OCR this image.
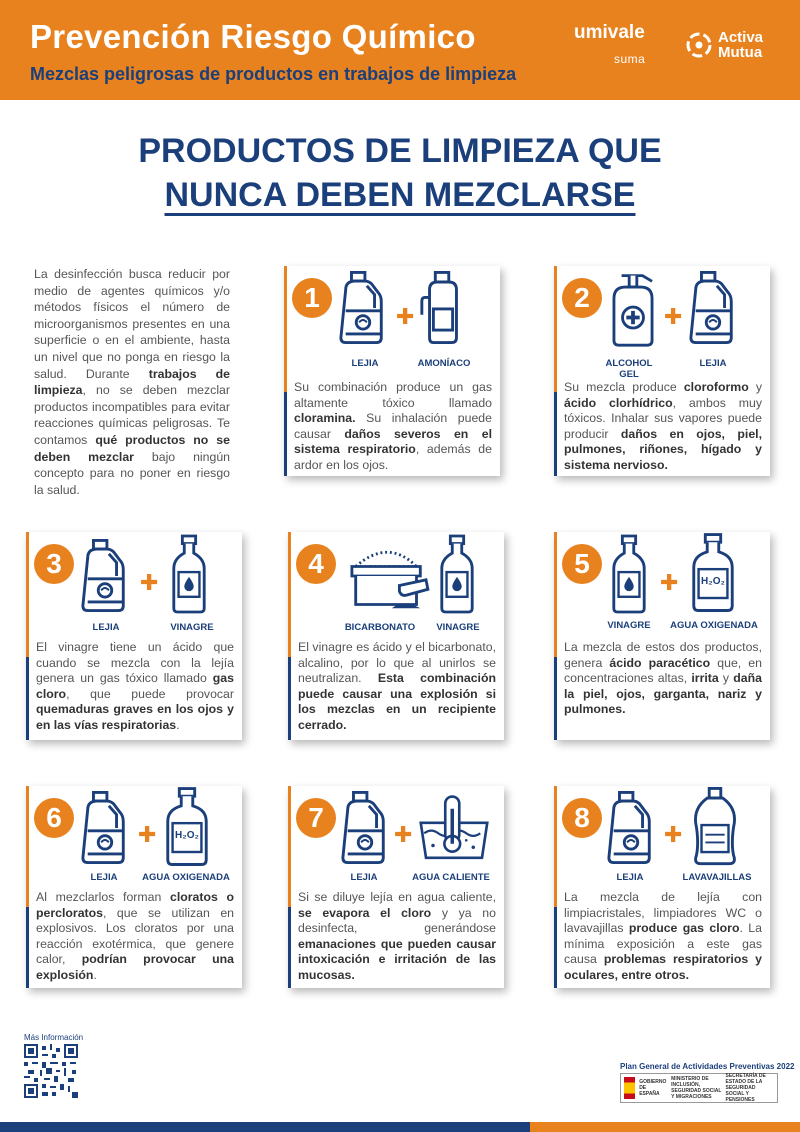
Prevención Riesgo Químico
Mezclas peligrosas de productos en trabajos de limpieza
umivale
suma
Activa
Mutua
PRODUCTOS DE LIMPIEZA QUE
NUNCA DEBEN MEZCLARSE
La desinfección busca reducir por medio de agentes químicos y/o métodos físicos el número de microorganismos presentes en una superficie o en el ambiente, hasta un nivel que no ponga en riesgo la salud. Durante trabajos de limpieza, no se deben mezclar productos incompatibles para evitar reacciones químicas peligrosas. Te contamos qué productos no se deben mezclar bajo ningún concepto para no poner en riesgo la salud.
1
✚
LEJIA	AMONÍACO
Su combinación produce un gas altamente tóxico llamado cloramina. Su inhalación puede causar daños severos en el sistema respiratorio, además de ardor en los ojos.
2
✚
ALCOHOL GEL
LEJIA
Su mezcla produce cloroformo y ácido clorhídrico, ambos muy tóxicos. Inhalar sus vapores puede producir daños en ojos, piel, pulmones, riñones, hígado y sistema nervioso.
3
✚
LEJIA	VINAGRE
El vinagre tiene un ácido que cuando se mezcla con la lejía genera un gas tóxico llamado gas cloro, que puede provocar quemaduras graves en los ojos y en las vías respiratorias.
4
BICARBONATO	VINAGRE
El vinagre es ácido y el bicarbonato, alcalino, por lo que al unirlos se neutralizan. Esta combinación puede causar una explosión si los mezclas en un recipiente cerrado.
5
✚	H₂O₂
VINAGRE	AGUA OXIGENADA
La mezcla de estos dos productos, genera ácido paracético que, en concentraciones altas, irrita y daña la piel, ojos, garganta, nariz y pulmones.
6
✚	H₂O₂
LEJIA	AGUA OXIGENADA
Al mezclarlos forman cloratos o percloratos, que se utilizan en explosivos. Los cloratos por una reacción exotérmica, que genere calor, podrían provocar una explosión.
7
✚
LEJIA	AGUA CALIENTE
Si se diluye lejía en agua caliente, se evapora el cloro y ya no desinfecta, generándose emanaciones que pueden causar intoxicación e irritación de las mucosas.
8
✚
LEJIA	LAVAVAJILLAS
La mezcla de lejía con limpiacristales, limpiadores WC o lavavajillas produce gas cloro. La mínima exposición a este gas causa problemas respiratorios y oculares, entre otros.
Más Información
Plan General de Actividades Preventivas 2022
GOBIERNO DE ESPAÑA
MINISTERIO DE INCLUSIÓN, SEGURIDAD SOCIAL Y MIGRACIONES
SECRETARÍA DE ESTADO DE LA SEGURIDAD SOCIAL Y PENSIONES
